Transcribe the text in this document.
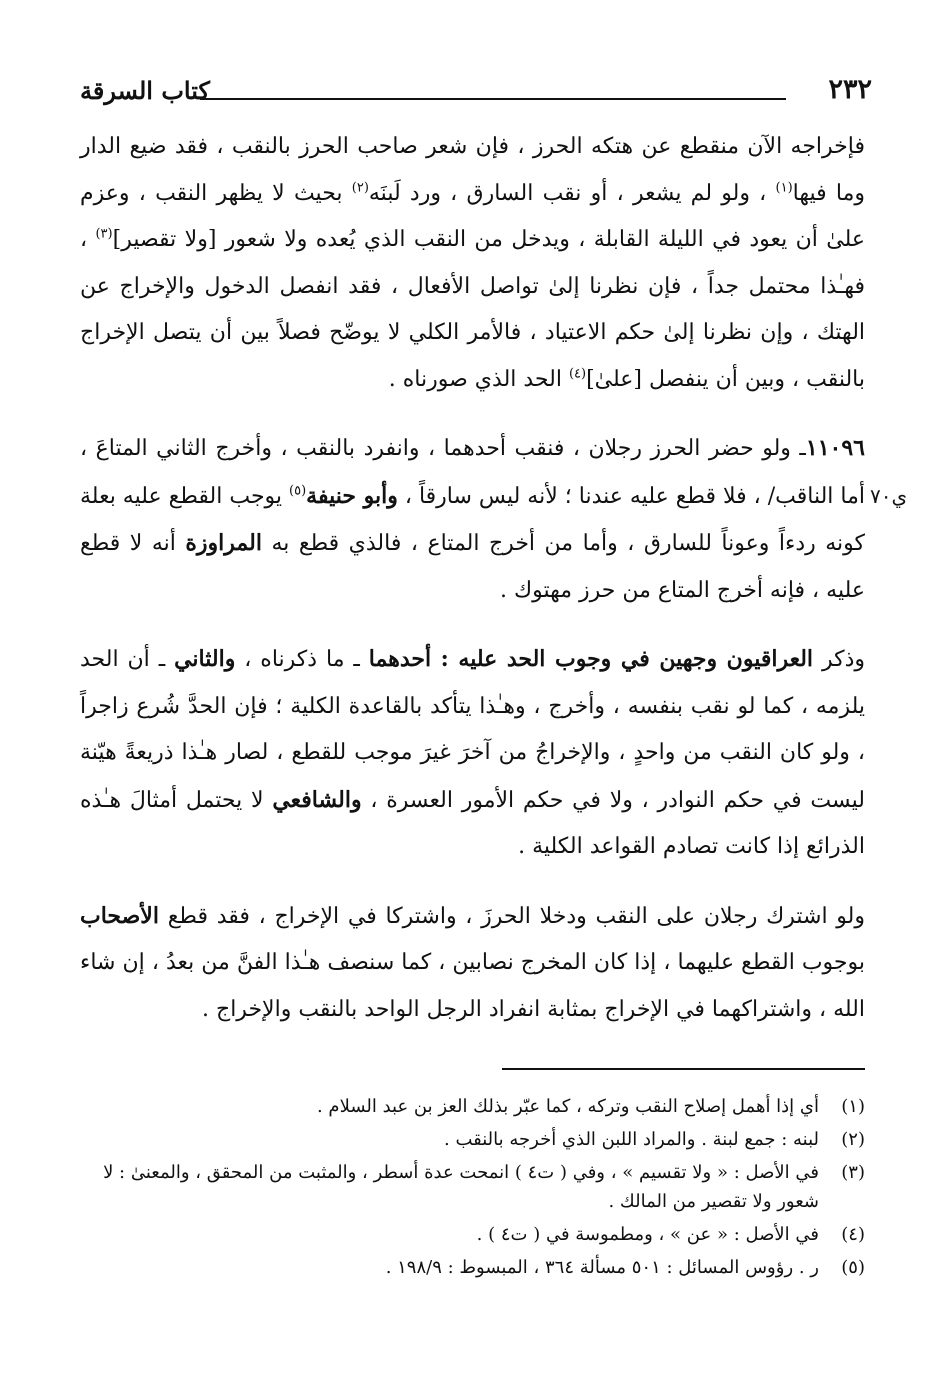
٢٣٢
كتاب السرقة
ي٧٠

فإخراجه الآن منقطع عن هتكه الحرز ، فإن شعر صاحب الحرز بالنقب ، فقد ضيع الدار وما فيها$^{(١)}$ ، ولو لم يشعر ، أو نقب السارق ، ورد لَبنَه$^{(٢)}$ بحيث لا يظهر النقب ، وعزم علىٰ أن يعود في الليلة القابلة ، ويدخل من النقب الذي يُعده ولا شعور [ولا تقصير]$^{(٣)}$ ، فهـٰذا محتمل جداً ، فإن نظرنا إلىٰ تواصل الأفعال ، فقد انفصل الدخول والإخراج عن الهتك ، وإن نظرنا إلىٰ حكم الاعتياد ، فالأمر الكلي لا يوضّح فصلاً بين أن يتصل الإخراج بالنقب ، وبين أن ينفصل [علىٰ]$^{(٤)}$ الحد الذي صورناه .

١١٠٩٦ـ ولو حضر الحرز رجلان ، فنقب أحدهما ، وانفرد بالنقب ، وأخرج الثاني المتاعَ ، أما الناقب/ ، فلا قطع عليه عندنا ؛ لأنه ليس سارقاً ، وأبو حنيفة$^{(٥)}$ يوجب القطع عليه بعلة كونه ردءاً وعوناً للسارق ، وأما من أخرج المتاع ، فالذي قطع به المراوزة أنه لا قطع عليه ، فإنه أخرج المتاع من حرز مهتوك .

وذكر العراقيون وجهين في وجوب الحد عليه : أحدهما ـ ما ذكرناه ، والثاني ـ أن الحد يلزمه ، كما لو نقب بنفسه ، وأخرج ، وهـٰذا يتأكد بالقاعدة الكلية ؛ فإن الحدَّ شُرع زاجراً ، ولو كان النقب من واحدٍ ، والإخراجُ من آخرَ غيرَ موجب للقطع ، لصار هـٰذا ذريعةً هيّنة ليست في حكم النوادر ، ولا في حكم الأمور العسرة ، والشافعي لا يحتمل أمثالَ هـٰذه الذرائع إذا كانت تصادم القواعد الكلية .

ولو اشترك رجلان على النقب ودخلا الحرزَ ، واشتركا في الإخراج ، فقد قطع الأصحاب بوجوب القطع عليهما ، إذا كان المخرج نصابين ، كما سنصف هـٰذا الفنَّ من بعدُ ، إن شاء الله ، واشتراكهما في الإخراج بمثابة انفراد الرجل الواحد بالنقب والإخراج .

(١)
أي إذا أهمل إصلاح النقب وتركه ، كما عبّر بذلك العز بن عبد السلام .

(٢)
لبنه : جمع لبنة . والمراد اللبن الذي أخرجه بالنقب .

(٣)
في الأصل : « ولا تقسيم » ، وفي ( ت٤ ) انمحت عدة أسطر ، والمثبت من المحقق ، والمعنىٰ : لا شعور ولا تقصير من المالك .

(٤)
في الأصل : « عن » ، ومطموسة في ( ت٤ ) .

(٥)
ر . رؤوس المسائل : ٥٠١ مسألة ٣٦٤ ، المبسوط : ١٩٨/٩ .
